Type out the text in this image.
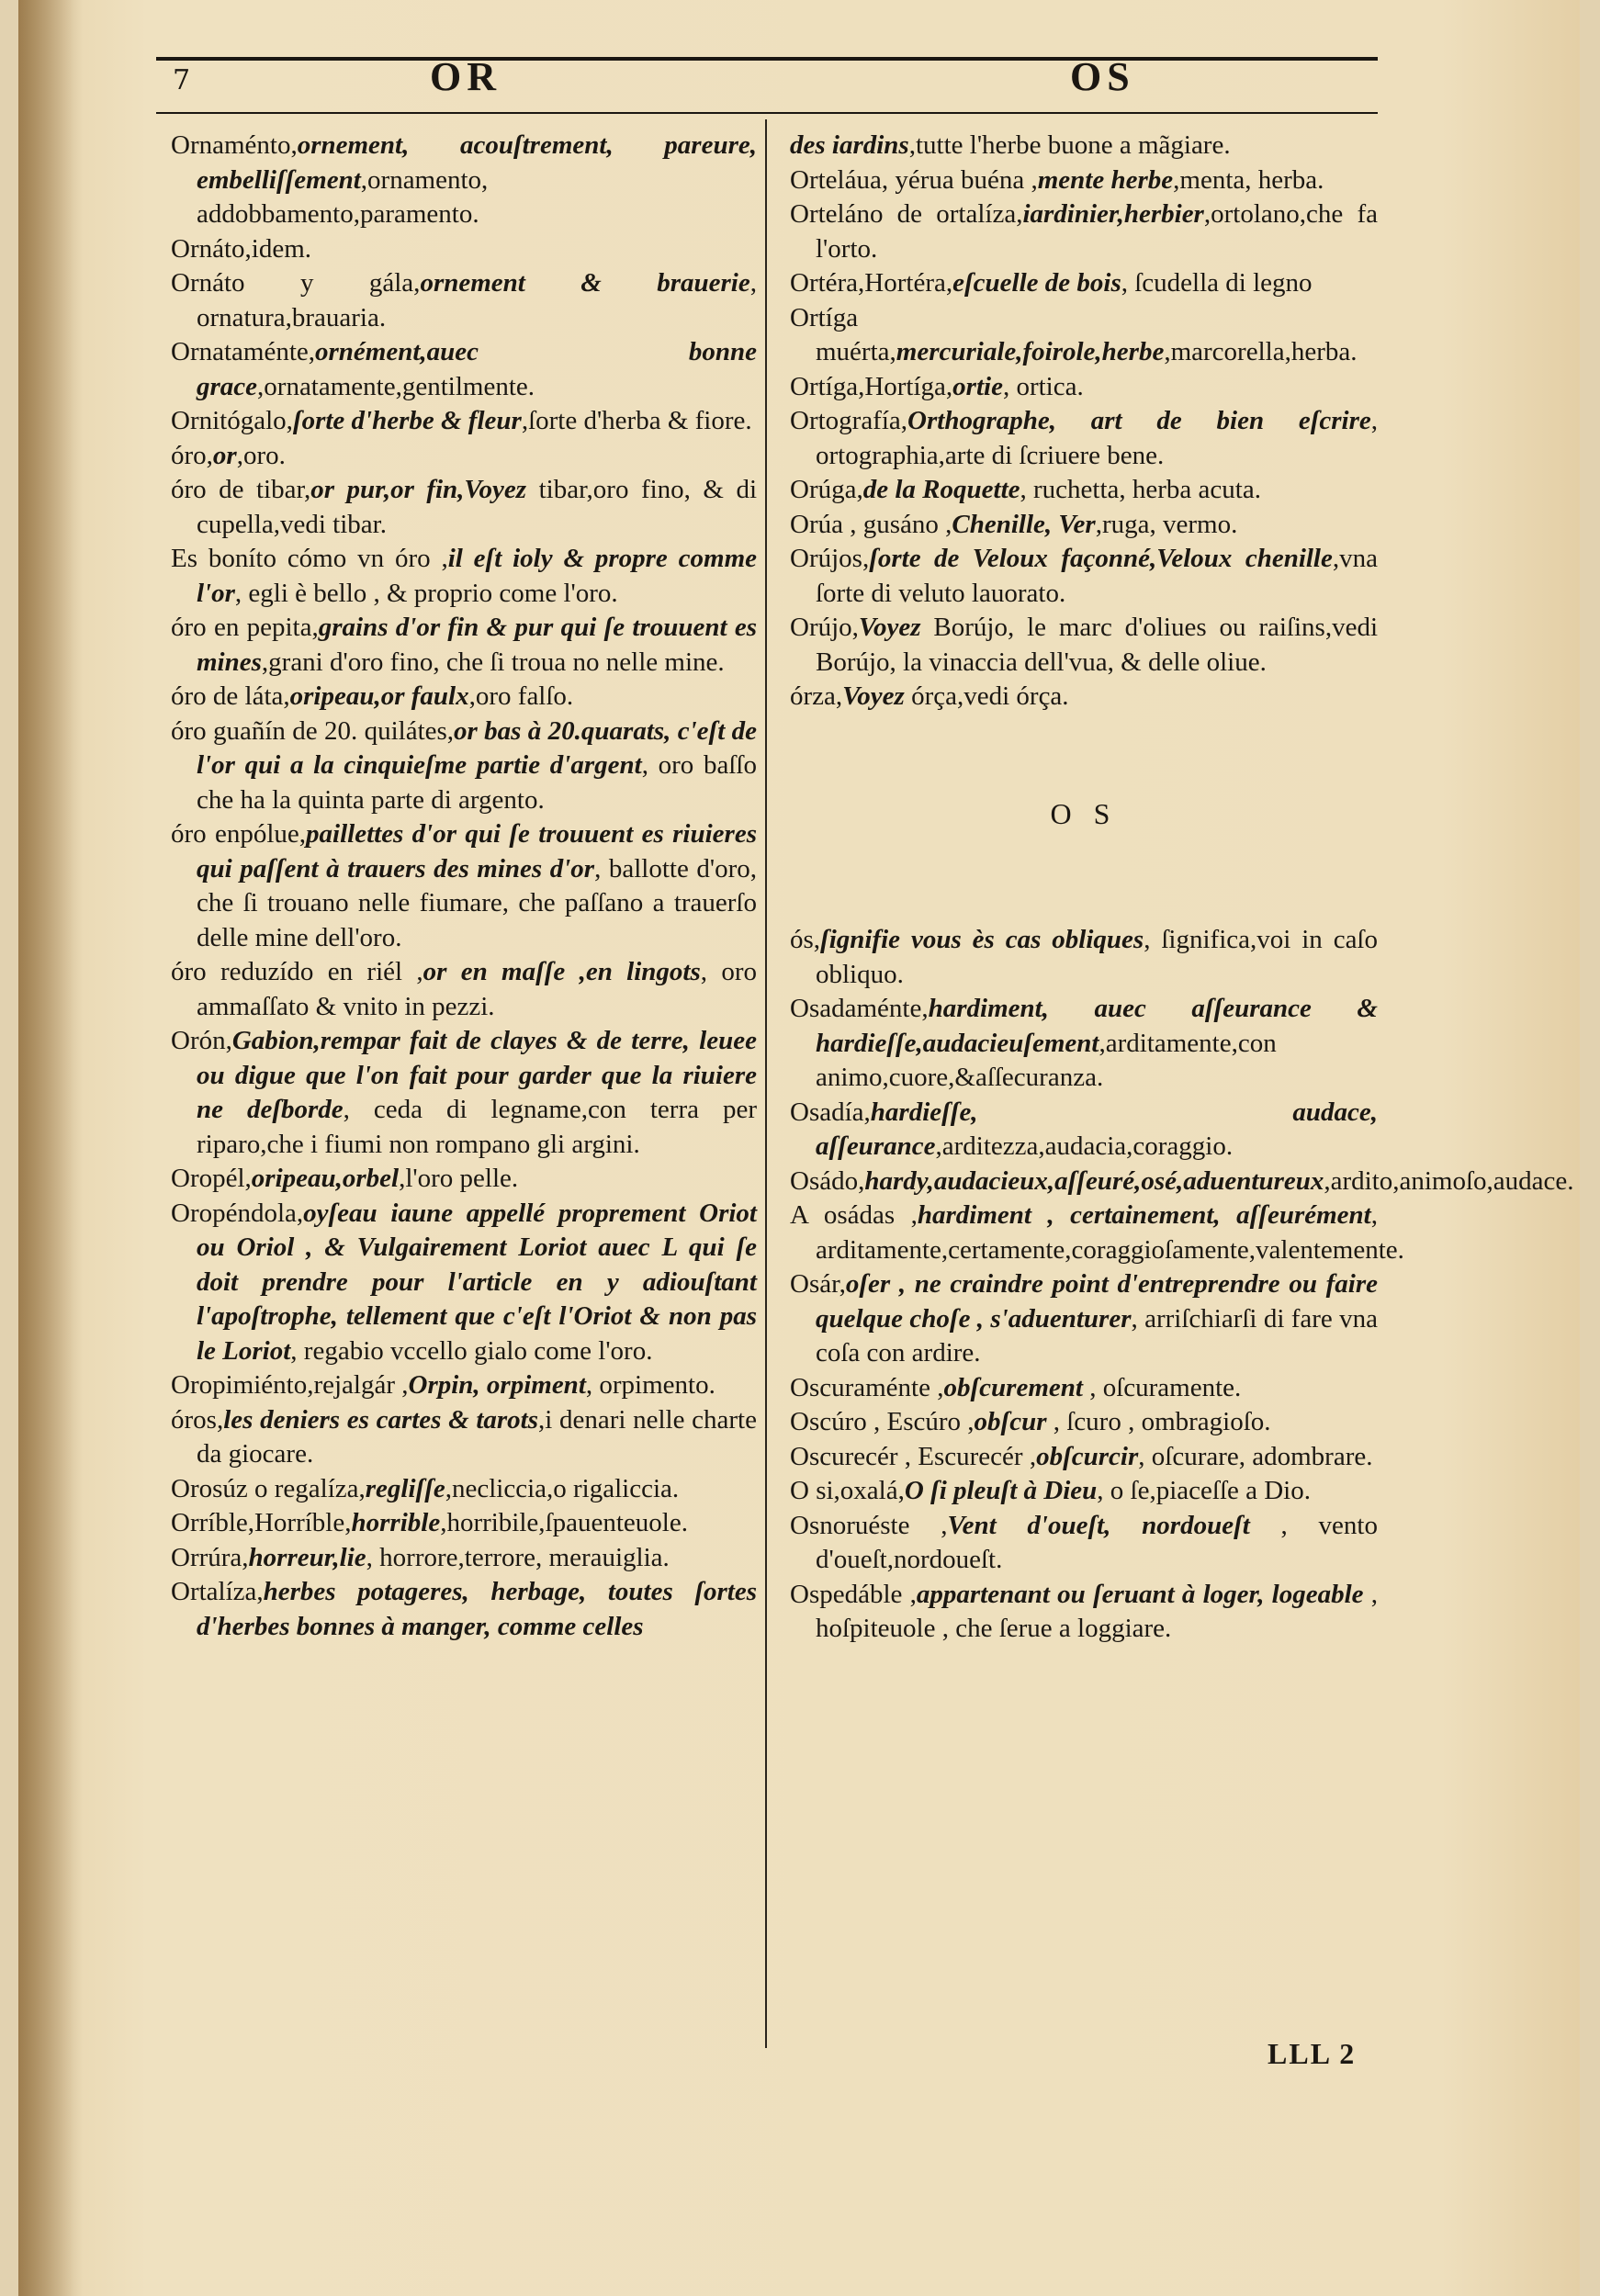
7	OR	OS
Ornaménto,ornement, acouſtrement, pareure, embelliſſement,ornamento, addobbamento,paramento.
Ornáto,idem.
Ornáto y gála,ornement & brauerie, ornatura,brauaria.
Ornataménte,ornément,auec bonne grace,ornatamente,gentilmente.
Ornitógalo,ſorte d'herbe & fleur,ſorte d'herba & fiore.
óro,or,oro.
óro de tibar,or pur,or fin,Voyez tibar,oro fino, & di cupella,vedi tibar.
Es boníto cómo vn óro ,il eſt ioly & propre comme l'or, egli è bello , & proprio come l'oro.
óro en pepita,grains d'or fin & pur qui ſe trouuent es mines,grani d'oro fino, che ſi troua no nelle mine.
óro de láta,oripeau,or faulx,oro falſo.
óro guañín de 20. quilátes,or bas à 20.quarats, c'eſt de l'or qui a la cinquieſme partie d'argent, oro baſſo che ha la quinta parte di argento.
óro enpólue,paillettes d'or qui ſe trouuent es riuieres qui paſſent à trauers des mines d'or, ballotte d'oro, che ſi trouano nelle fiumare, che paſſano a trauerſo delle mine dell'oro.
óro reduzído en riél ,or en maſſe ,en lingots, oro ammaſſato & vnito in pezzi.
Orón,Gabion,rempar fait de clayes & de terre, leuee ou digue que l'on fait pour garder que la riuiere ne deſborde, ceda di legname,con terra per riparo,che i fiumi non rompano gli argini.
Oropél,oripeau,orbel,l'oro pelle.
Oropéndola,oyſeau iaune appellé proprement Oriot ou Oriol , & Vulgairement Loriot auec L qui ſe doit prendre pour l'article en y adiouſtant l'apoſtrophe, tellement que c'eſt l'Oriot & non pas le Loriot, regabio vccello gialo come l'oro.
Oropimiénto,rejalgár ,Orpin, orpiment, orpimento.
óros,les deniers es cartes & tarots,i denari nelle charte da giocare.
Orosúz o regalíza,regliſſe,necliccia,o rigaliccia.
Orríble,Horríble,horrible,horribile,ſpauenteuole.
Orrúra,horreur,lie, horrore,terrore, merauiglia.
Ortalíza,herbes potageres, herbage, toutes ſortes d'herbes bonnes à manger, comme celles
des iardins,tutte l'herbe buone a mãgiare.
Orteláua, yérua buéna ,mente herbe,menta, herba.
Orteláno de ortalíza,iardinier,herbier,ortolano,che fa l'orto.
Ortéra,Hortéra,eſcuelle de bois, ſcudella di legno
Ortíga muérta,mercuriale,foirole,herbe,marcorella,herba.
Ortíga,Hortíga,ortie, ortica.
Ortografía,Orthographe, art de bien eſcrire, ortographia,arte di ſcriuere bene.
Orúga,de la Roquette, ruchetta, herba acuta.
Orúa , gusáno ,Chenille, Ver,ruga, vermo.
Orújos,ſorte de Veloux façonné,Veloux chenille,vna ſorte di veluto lauorato.
Orújo,Voyez Borújo, le marc d'oliues ou raiſins,vedi Borújo, la vinaccia dell'vua, & delle oliue.
órza,Voyez órça,vedi órça.
O S
ós,ſignifie vous ès cas obliques, ſignifica,voi in caſo obliquo.
Osadaménte,hardiment, auec aſſeurance & hardieſſe,audacieuſement,arditamente,con animo,cuore,&aſſecuranza.
Osadía,hardieſſe, audace, aſſeurance,arditezza,audacia,coraggio.
Osádo,hardy,audacieux,aſſeuré,osé,aduentureux,ardito,animoſo,audace.
A osádas ,hardiment , certainement, aſſeurément, arditamente,certamente,coraggioſamente,valentemente.
Osár,oſer , ne craindre point d'entreprendre ou faire quelque choſe , s'aduenturer, arriſchiarſi di fare vna coſa con ardire.
Oscuraménte ,obſcurement , oſcuramente.
Oscúro , Escúro ,obſcur , ſcuro , ombragioſo.
Oscurecér , Escurecér ,obſcurcir, oſcurare, adombrare.
O si,oxalá,O ſi pleuſt à Dieu, o ſe,piaceſſe a Dio.
Osnoruéste ,Vent d'oueſt, nordoueſt , vento d'oueſt,nordoueſt.
Ospedáble ,appartenant ou ſeruant à loger, logeable , hoſpiteuole , che ſerue a loggiare.
LLL 2
